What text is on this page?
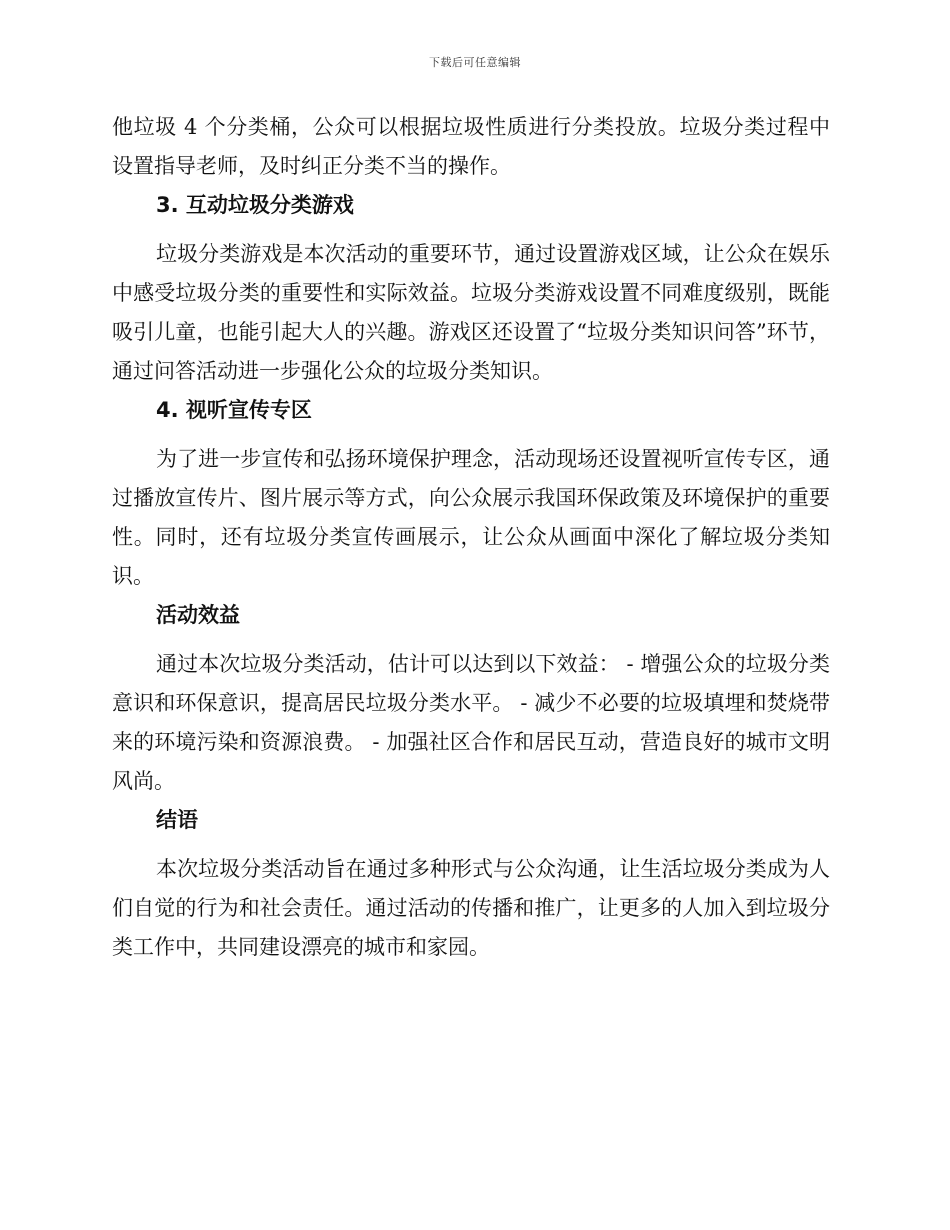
下载后可任意编辑

他垃圾 4 个分类桶，公众可以根据垃圾性质进行分类投放。垃圾分类过程中设置指导老师，及时纠正分类不当的操作。

3. 互动垃圾分类游戏

垃圾分类游戏是本次活动的重要环节，通过设置游戏区域，让公众在娱乐中感受垃圾分类的重要性和实际效益。垃圾分类游戏设置不同难度级别，既能吸引儿童，也能引起大人的兴趣。游戏区还设置了“垃圾分类知识问答”环节，通过问答活动进一步强化公众的垃圾分类知识。

4. 视听宣传专区

为了进一步宣传和弘扬环境保护理念，活动现场还设置视听宣传专区，通过播放宣传片、图片展示等方式，向公众展示我国环保政策及环境保护的重要性。同时，还有垃圾分类宣传画展示，让公众从画面中深化了解垃圾分类知识。

活动效益

通过本次垃圾分类活动，估计可以达到以下效益： - 增强公众的垃圾分类意识和环保意识，提高居民垃圾分类水平。 - 减少不必要的垃圾填埋和焚烧带来的环境污染和资源浪费。 - 加强社区合作和居民互动，营造良好的城市文明风尚。

结语

本次垃圾分类活动旨在通过多种形式与公众沟通，让生活垃圾分类成为人们自觉的行为和社会责任。通过活动的传播和推广，让更多的人加入到垃圾分类工作中，共同建设漂亮的城市和家园。
